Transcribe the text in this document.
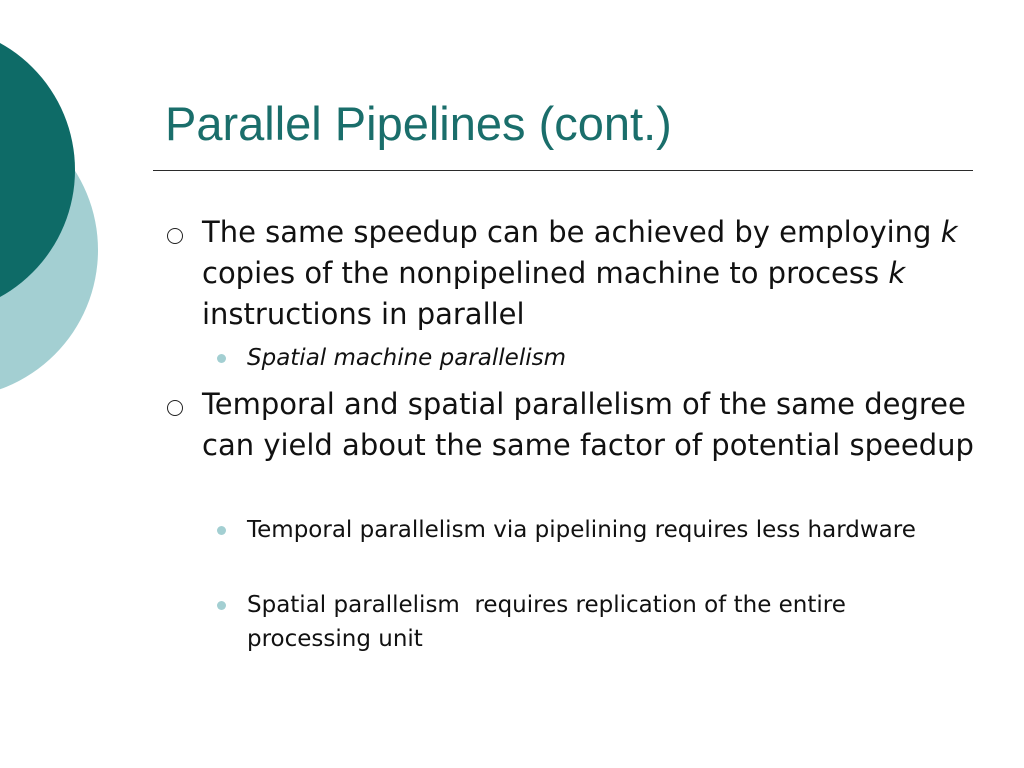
Parallel Pipelines (cont.)
The same speedup can be achieved by employing k copies of the nonpipelined machine to process k instructions in parallel
Spatial machine parallelism
Temporal and spatial parallelism of the same degree can yield about the same factor of potential speedup
Temporal parallelism via pipelining requires less hardware
Spatial parallelism  requires replication of the entire processing unit
